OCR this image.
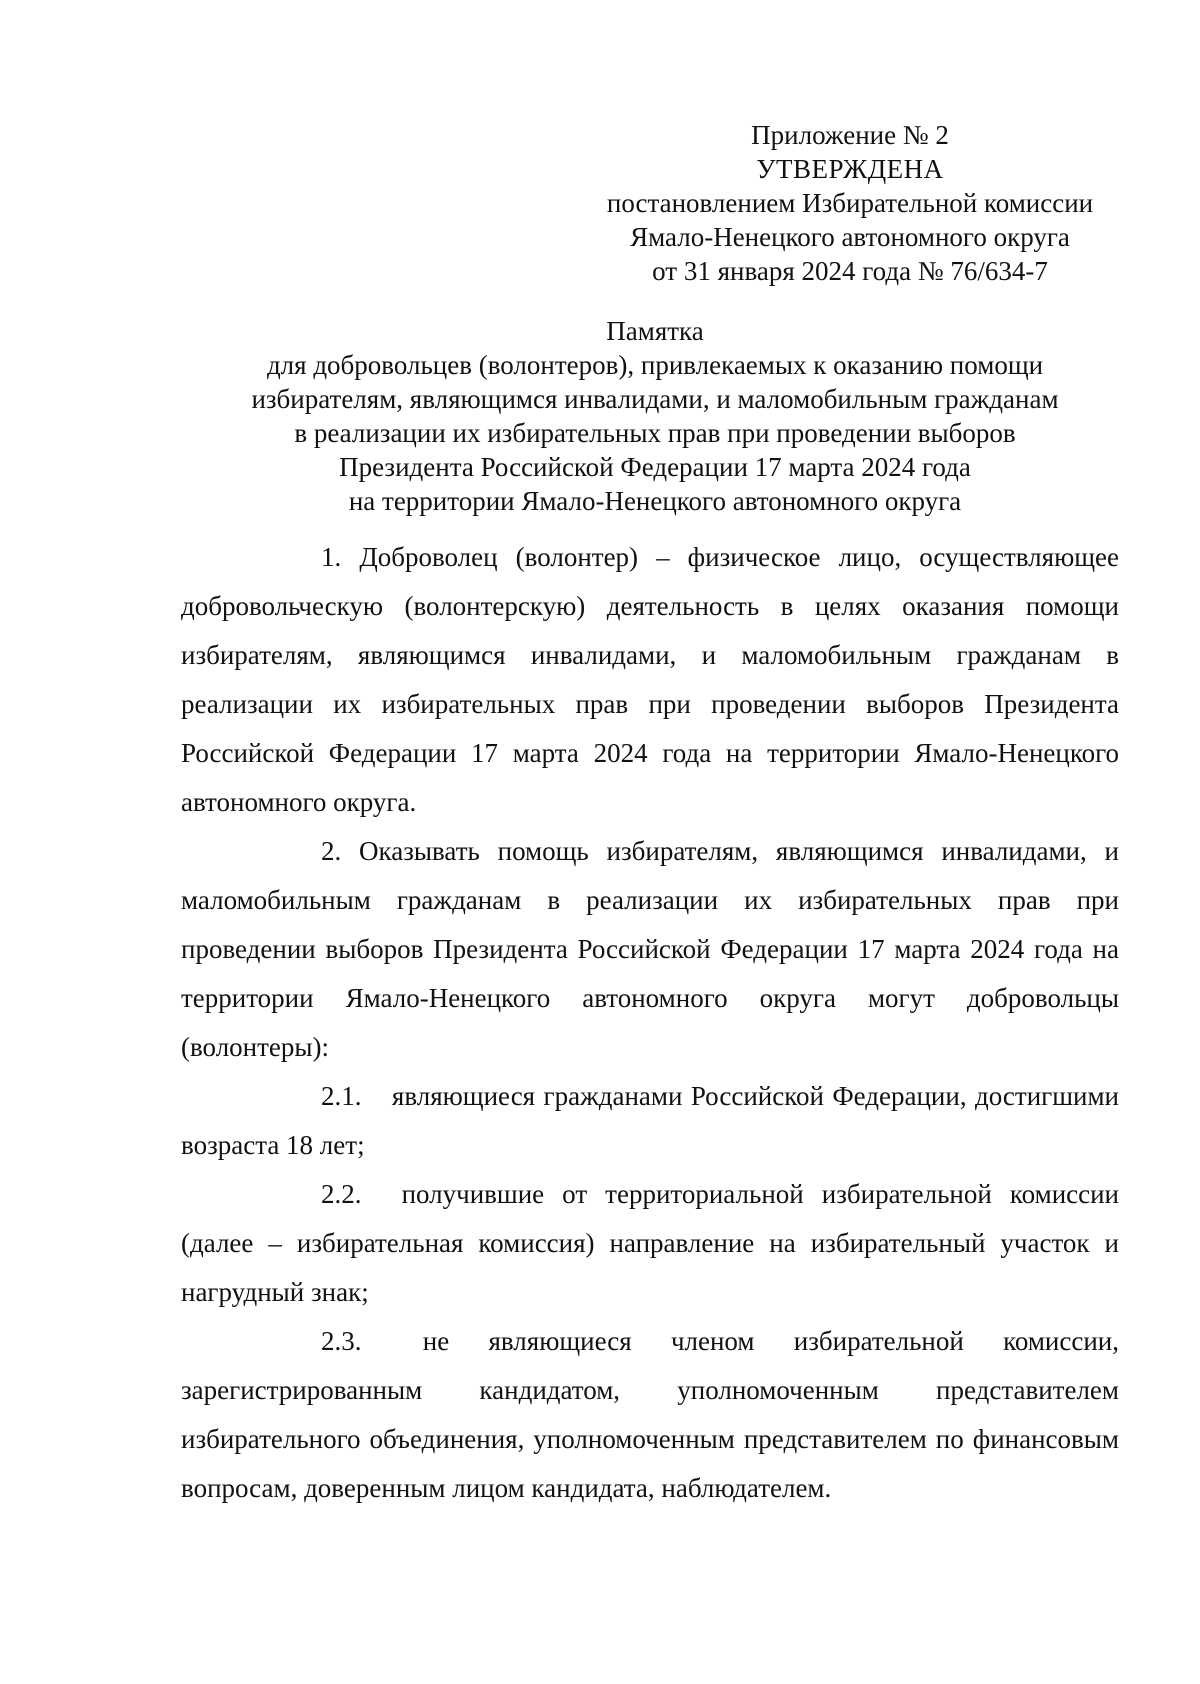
Приложение № 2
УТВЕРЖДЕНА
постановлением Избирательной комиссии
Ямало-Ненецкого автономного округа
от 31 января 2024 года № 76/634-7
Памятка
для добровольцев (волонтеров), привлекаемых к оказанию помощи
избирателям, являющимся инвалидами, и маломобильным гражданам
в реализации их избирательных прав при проведении выборов
Президента Российской Федерации 17 марта 2024 года
на территории Ямало-Ненецкого автономного округа

1. Доброволец (волонтер) – физическое лицо, осуществляющее добровольческую (волонтерскую) деятельность в целях оказания помощи избирателям, являющимся инвалидами, и маломобильным гражданам в реализации их избирательных прав при проведении выборов Президента Российской Федерации 17 марта 2024 года на территории Ямало-Ненецкого автономного округа.

2. Оказывать помощь избирателям, являющимся инвалидами, и маломобильным гражданам в реализации их избирательных прав при проведении выборов Президента Российской Федерации 17 марта 2024 года на территории Ямало-Ненецкого автономного округа могут добровольцы (волонтеры):

2.1. являющиеся гражданами Российской Федерации, достигшими возраста 18 лет;

2.2. получившие от территориальной избирательной комиссии (далее – избирательная комиссия) направление на избирательный участок и нагрудный знак;

2.3. не являющиеся членом избирательной комиссии, зарегистрированным кандидатом, уполномоченным представителем избирательного объединения, уполномоченным представителем по финансовым вопросам, доверенным лицом кандидата, наблюдателем.
